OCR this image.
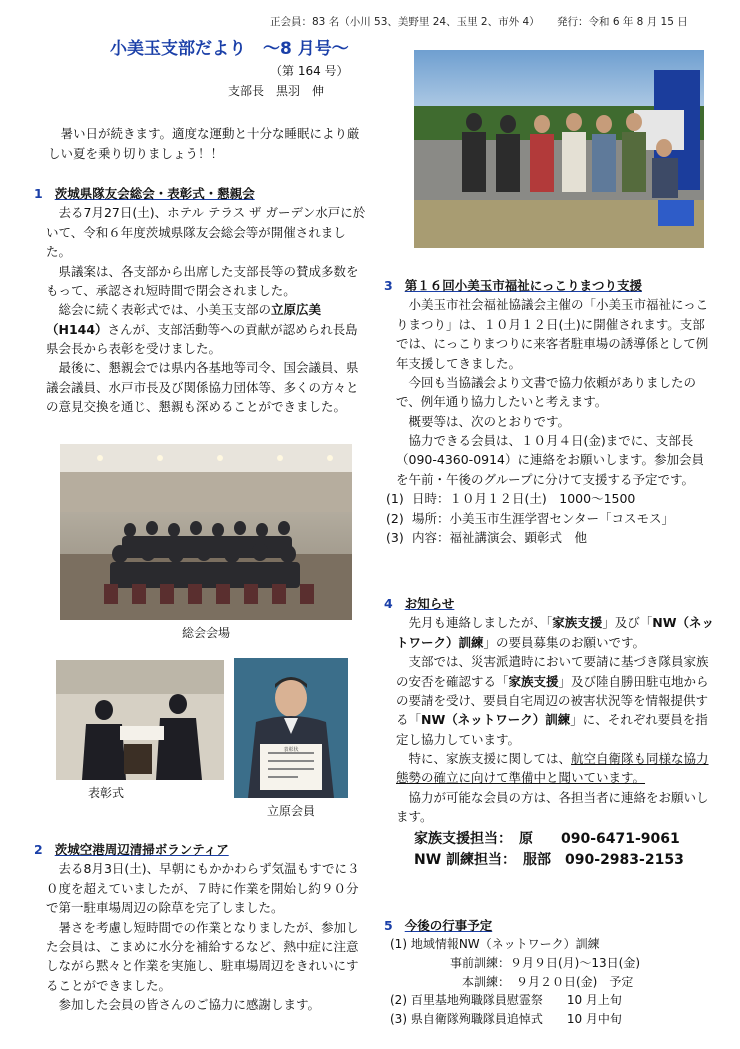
正会員：83 名（小川 53、美野里 24、玉里 2、市外 4） 発行：令和 6 年 8 月 15 日
小美玉支部だより　～8 月号～
（第 164 号）
支部長　黒羽　伸
暑い日が続きます。適度な運動と十分な睡眠により厳しい夏を乗り切りましょう！！
1 茨城県隊友会総会・表彰式・懇親会
去る7月27日(土)、ホテル テラス ザ ガーデン水戸に於いて、令和６年度茨城県隊友会総会等が開催されました。
県議案は、各支部から出席した支部長等の賛成多数をもって、承認され短時間で閉会されました。
総会に続く表彰式では、小美玉支部の立原広美（H144）さんが、支部活動等への貢献が認められ長島県会長から表彰を受けました。
最後に、懇親会では県内各基地等司令、国会議員、県議会議員、水戸市長及び関係協力団体等、多くの方々との意見交換を通じ、懇親も深めることができました。
総会会場
表彰式
表彰状
立原会員
2 茨城空港周辺清掃ボランティア
去る8月3日(土)、早朝にもかかわらず気温もすでに３０度を超えていましたが、７時に作業を開始し約９０分で第一駐車場周辺の除草を完了しました。
暑さを考慮し短時間での作業となりましたが、参加した会員は、こまめに水分を補給するなど、熱中症に注意しながら黙々と作業を実施し、駐車場周辺をきれいにすることができました。
参加した会員の皆さんのご協力に感謝します。
3 第１６回小美玉市福祉にっこりまつり支援
小美玉市社会福祉協議会主催の「小美玉市福祉にっこりまつり」は、１０月１２日(土)に開催されます。支部では、にっこりまつりに来客者駐車場の誘導係として例年支援してきました。
今回も当協議会より文書で協力依頼がありましたので、例年通り協力したいと考えます。
概要等は、次のとおりです。
協力できる会員は、１０月４日(金)までに、支部長（090-4360-0914）に連絡をお願いします。参加会員を午前・午後のグループに分けて支援する予定です。
(1) 日時：１０月１２日(土)　1000～1500
(2) 場所：小美玉市生涯学習センター「コスモス」
(3) 内容：福祉講演会、顕彰式　他
4 お知らせ
先月も連絡しましたが、「家族支援」及び「NW（ネットワーク）訓練」の要員募集のお願いです。
支部では、災害派遣時において要請に基づき隊員家族の安否を確認する「家族支援」及び陸自勝田駐屯地からの要請を受け、要員自宅周辺の被害状況等を情報提供する「NW（ネットワーク）訓練」に、それぞれ要員を指定し協力しています。
特に、家族支援に関しては、航空自衛隊も同様な協力態勢の確立に向けて準備中と聞いています。
協力が可能な会員の方は、各担当者に連絡をお願いします。
家族支援担当：　原　　090-6471-9061
NW 訓練担当：　服部　090-2983-2153
5 今後の行事予定
(1) 地域情報NW（ネットワーク）訓練
事前訓練：９月９日(月)～13日(金)
本訓練：　９月２０日(金)　予定
(2) 百里基地殉職隊員慰霊祭　　10 月上旬
(3) 県自衛隊殉職隊員追悼式　　10 月中旬
